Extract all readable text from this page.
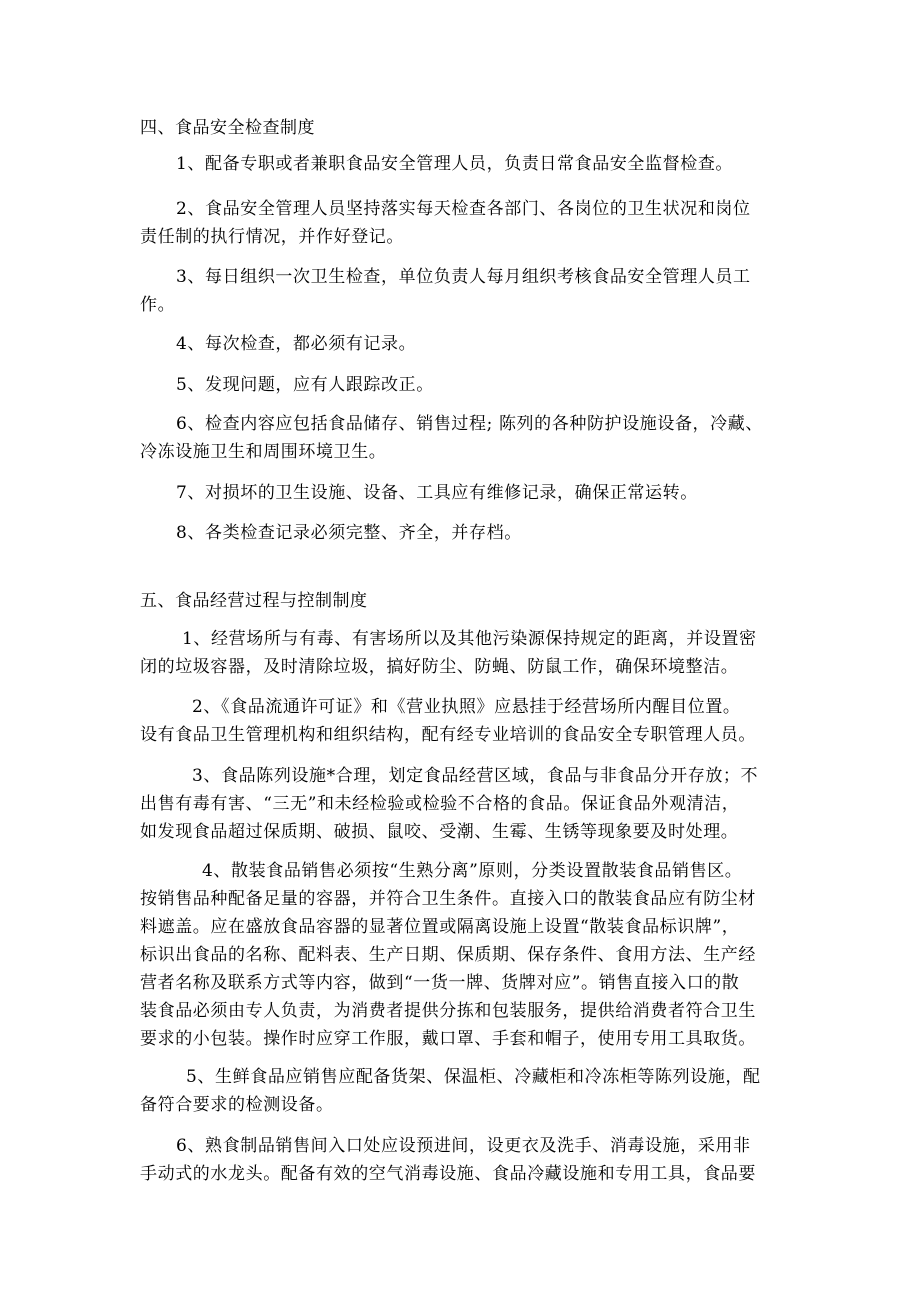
四、食品安全检查制度
1、配备专职或者兼职食品安全管理人员，负责日常食品安全监督检查。
2、食品安全管理人员坚持落实每天检查各部门、各岗位的卫生状况和岗位
责任制的执行情况，并作好登记。
3、每日组织一次卫生检查，单位负责人每月组织考核食品安全管理人员工
作。
4、每次检查，都必须有记录。
5、发现问题，应有人跟踪改正。
6、检查内容应包括食品储存、销售过程; 陈列的各种防护设施设备，冷藏、
冷冻设施卫生和周围环境卫生。
7、对损坏的卫生设施、设备、工具应有维修记录，确保正常运转。
8、各类检查记录必须完整、齐全，并存档。
五、食品经营过程与控制制度
1、经营场所与有毒、有害场所以及其他污染源保持规定的距离，并设置密
闭的垃圾容器，及时清除垃圾，搞好防尘、防蝇、防鼠工作，确保环境整洁。
2、《食品流通许可证》和《营业执照》应悬挂于经营场所内醒目位置。
设有食品卫生管理机构和组织结构，配有经专业培训的食品安全专职管理人员。
3、食品陈列设施*合理，划定食品经营区域，食品与非食品分开存放；不
出售有毒有害、“三无”和未经检验或检验不合格的食品。保证食品外观清洁，
如发现食品超过保质期、破损、鼠咬、受潮、生霉、生锈等现象要及时处理。
4、散装食品销售必须按“生熟分离”原则，分类设置散装食品销售区。
按销售品种配备足量的容器，并符合卫生条件。直接入口的散装食品应有防尘材
料遮盖。应在盛放食品容器的显著位置或隔离设施上设置“散装食品标识牌”，
标识出食品的名称、配料表、生产日期、保质期、保存条件、食用方法、生产经
营者名称及联系方式等内容，做到“一货一牌、货牌对应”。销售直接入口的散
装食品必须由专人负责，为消费者提供分拣和包装服务，提供给消费者符合卫生
要求的小包装。操作时应穿工作服，戴口罩、手套和帽子，使用专用工具取货。
5、生鲜食品应销售应配备货架、保温柜、冷藏柜和冷冻柜等陈列设施，配
备符合要求的检测设备。
6、熟食制品销售间入口处应设预进间，设更衣及洗手、消毒设施，采用非
手动式的水龙头。配备有效的空气消毒设施、食品冷藏设施和专用工具，食品要
